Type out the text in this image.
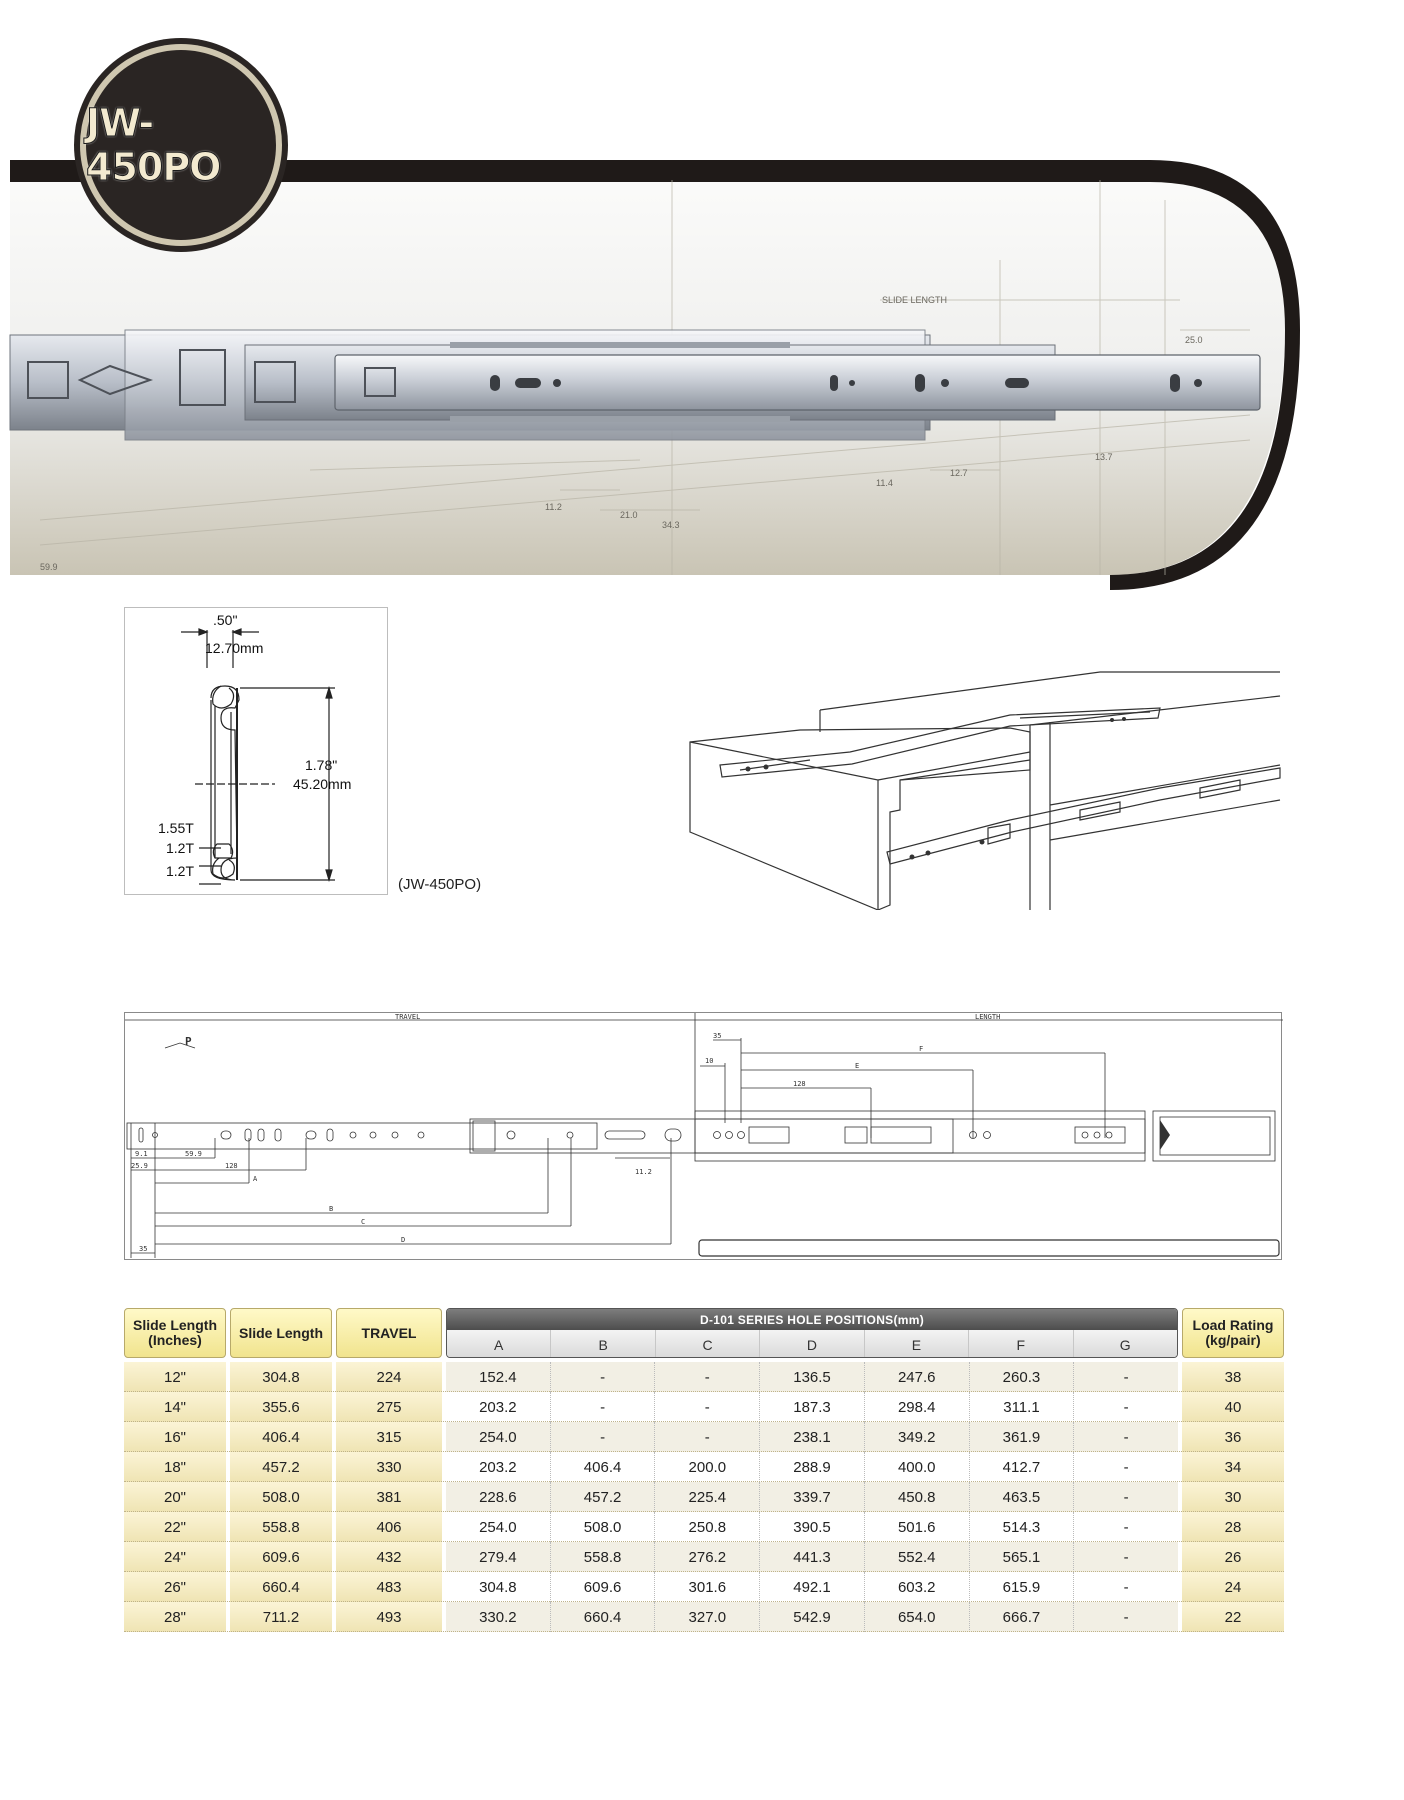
SLIDE LENGTH
25.0
12.7
11.4
13.7
11.2
21.0
34.3
59.9
JW-450PO
.50"
12.70mm
1.78"
45.20mm
1.55T
1.2T
1.2T
(JW-450PO)
TRAVEL	LENGTH
P	35
10
128
E
F
9.1
25.9
59.9
128
A
B
C
D
35
11.2
Slide Length (Inches)	Slide Length	TRAVEL
D-101 SERIES HOLE POSITIONS(mm)
A	B	C	D	E	F	G
Load Rating (kg/pair)
12"	304.8	224	152.4	-	-	136.5	247.6	260.3	-	38
14"	355.6	275	203.2	-	-	187.3	298.4	311.1	-	40
16"	406.4	315	254.0	-	-	238.1	349.2	361.9	-	36
18"	457.2	330	203.2	406.4	200.0	288.9	400.0	412.7	-	34
20"	508.0	381	228.6	457.2	225.4	339.7	450.8	463.5	-	30
22"	558.8	406	254.0	508.0	250.8	390.5	501.6	514.3	-	28
24"	609.6	432	279.4	558.8	276.2	441.3	552.4	565.1	-	26
26"	660.4	483	304.8	609.6	301.6	492.1	603.2	615.9	-	24
28"	711.2	493	330.2	660.4	327.0	542.9	654.0	666.7	-	22
